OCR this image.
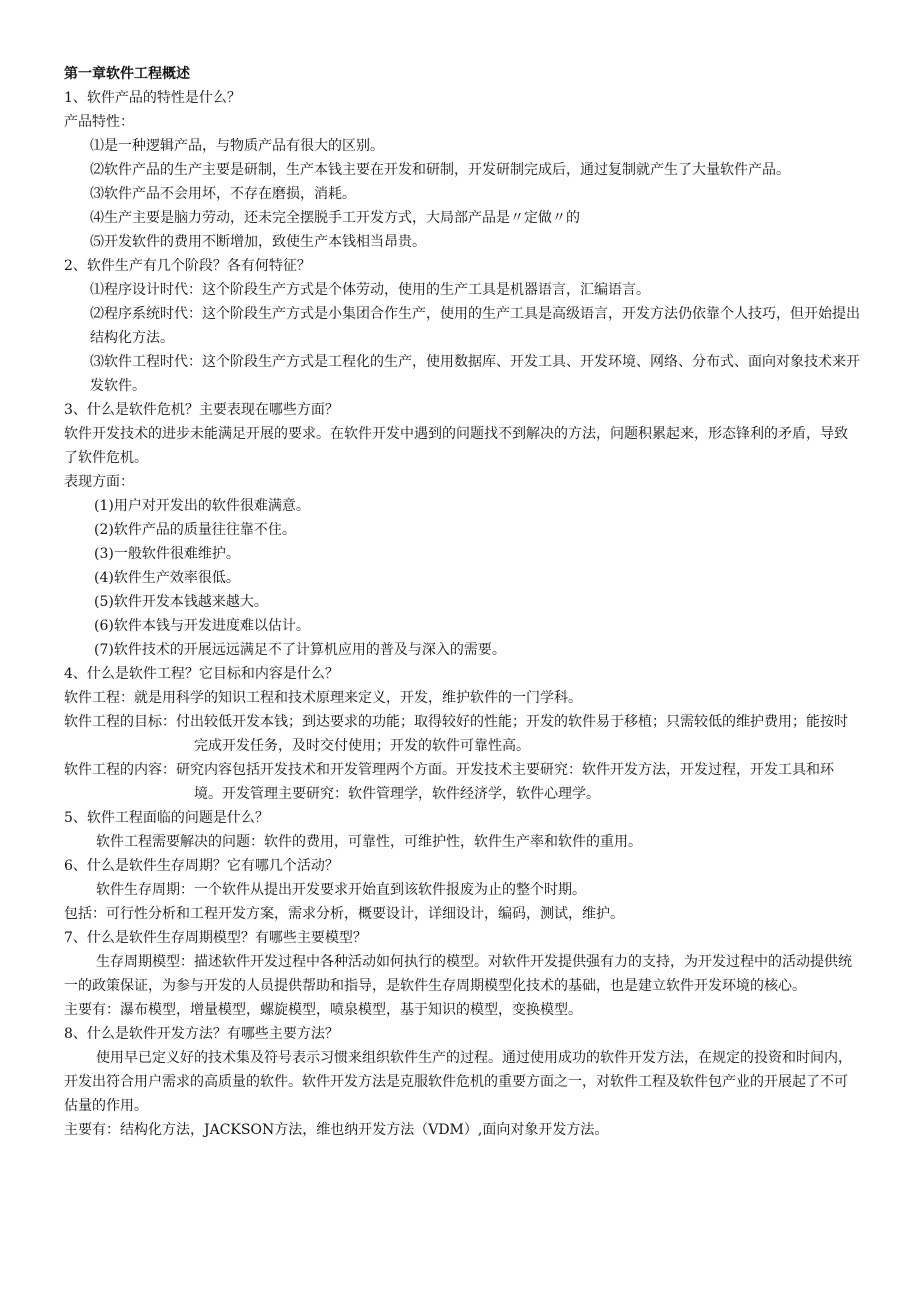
第一章软件工程概述
1、软件产品的特性是什么？
产品特性：
⑴是一种逻辑产品，与物质产品有很大的区别。
⑵软件产品的生产主要是研制，生产本钱主要在开发和研制，开发研制完成后，通过复制就产生了大量软件产品。
⑶软件产品不会用坏，不存在磨损，消耗。
⑷生产主要是脑力劳动，还未完全摆脱手工开发方式，大局部产品是〃定做〃的
⑸开发软件的费用不断增加，致使生产本钱相当昂贵。
2、软件生产有几个阶段？各有何特征？
⑴程序设计时代：这个阶段生产方式是个体劳动，使用的生产工具是机器语言，汇编语言。
⑵程序系统时代：这个阶段生产方式是小集团合作生产，使用的生产工具是高级语言，开发方法仍依靠个人技巧，但开始提出结构化方法。
⑶软件工程时代：这个阶段生产方式是工程化的生产，使用数据库、开发工具、开发环境、网络、分布式、面向对象技术来开发软件。
3、什么是软件危机？主要表现在哪些方面？
软件开发技术的进步未能满足开展的要求。在软件开发中遇到的问题找不到解决的方法，问题积累起来，形态锋利的矛盾，导致了软件危机。
表现方面：
(1)用户对开发出的软件很难满意。
(2)软件产品的质量往往靠不住。
(3)一般软件很难维护。
(4)软件生产效率很低。
(5)软件开发本钱越来越大。
(6)软件本钱与开发进度难以估计。
(7)软件技术的开展远远满足不了计算机应用的普及与深入的需要。
4、什么是软件工程？它目标和内容是什么？
软件工程：就是用科学的知识工程和技术原理来定义，开发，维护软件的一门学科。
软件工程的目标：付出较低开发本钱；到达要求的功能；取得较好的性能；开发的软件易于移植；只需较低的维护费用；能按时完成开发任务，及时交付使用；开发的软件可靠性高。
软件工程的内容：研究内容包括开发技术和开发管理两个方面。开发技术主要研究：软件开发方法，开发过程，开发工具和环境。开发管理主要研究：软件管理学，软件经济学，软件心理学。
5、软件工程面临的问题是什么？
软件工程需要解决的问题：软件的费用，可靠性，可维护性，软件生产率和软件的重用。
6、什么是软件生存周期？它有哪几个活动？
软件生存周期：一个软件从提出开发要求开始直到该软件报废为止的整个时期。
包括：可行性分析和工程开发方案，需求分析，概要设计，详细设计，编码，测试，维护。
7、什么是软件生存周期模型？有哪些主要模型？
生存周期模型：描述软件开发过程中各种活动如何执行的模型。对软件开发提供强有力的支持，为开发过程中的活动提供统一的政策保证，为参与开发的人员提供帮助和指导，是软件生存周期模型化技术的基础，也是建立软件开发环境的核心。
主要有：瀑布模型，增量模型，螺旋模型，喷泉模型，基于知识的模型，变换模型。
8、什么是软件开发方法？有哪些主要方法？
使用早已定义好的技术集及符号表示习惯来组织软件生产的过程。通过使用成功的软件开发方法，在规定的投资和时间内，开发出符合用户需求的高质量的软件。软件开发方法是克服软件危机的重要方面之一，对软件工程及软件包产业的开展起了不可估量的作用。
主要有：结构化方法，JACKSON方法，维也纳开发方法（VDM）,面向对象开发方法。
